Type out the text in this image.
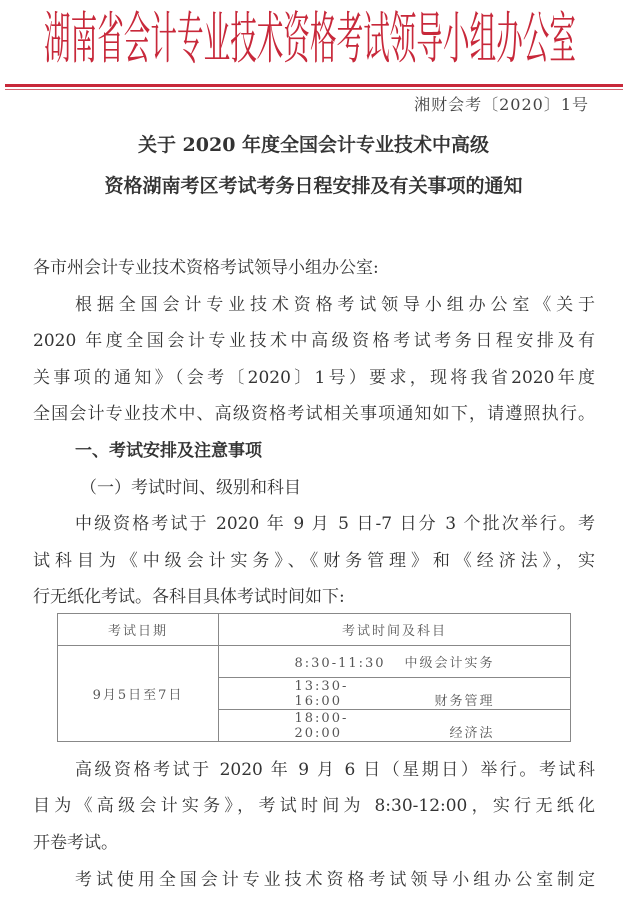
湖南省会计专业技术资格考试领导小组办公室
湘财会考〔2020〕1号
关于 2020 年度全国会计专业技术中高级
资格湖南考区考试考务日程安排及有关事项的通知
各市州会计专业技术资格考试领导小组办公室:
根据全国会计专业技术资格考试领导小组办公室《关于
2020 年度全国会计专业技术中高级资格考试考务日程安排及有
关事项的通知》（会考〔2020〕1号）要求，现将我省2020年度
全国会计专业技术中、高级资格考试相关事项通知如下，请遵照执行。
一、考试安排及注意事项
（一）考试时间、级别和科目
中级资格考试于 2020 年 9 月 5 日-7 日分 3 个批次举行。考
试科目为《中级会计实务》、《财务管理》和《经济法》，实
行无纸化考试。各科目具体考试时间如下:
考试日期	考试时间及科目
9月5日至7日	8:30-11:30 中级会计实务
	13:30-16:00 财务管理
	18:00-20:00 经济法
高级资格考试于 2020 年 9 月 6 日（星期日）举行。考试科
目为《高级会计实务》，考试时间为 8:30-12:00，实行无纸化
开卷考试。
考试使用全国会计专业技术资格考试领导小组办公室制定
